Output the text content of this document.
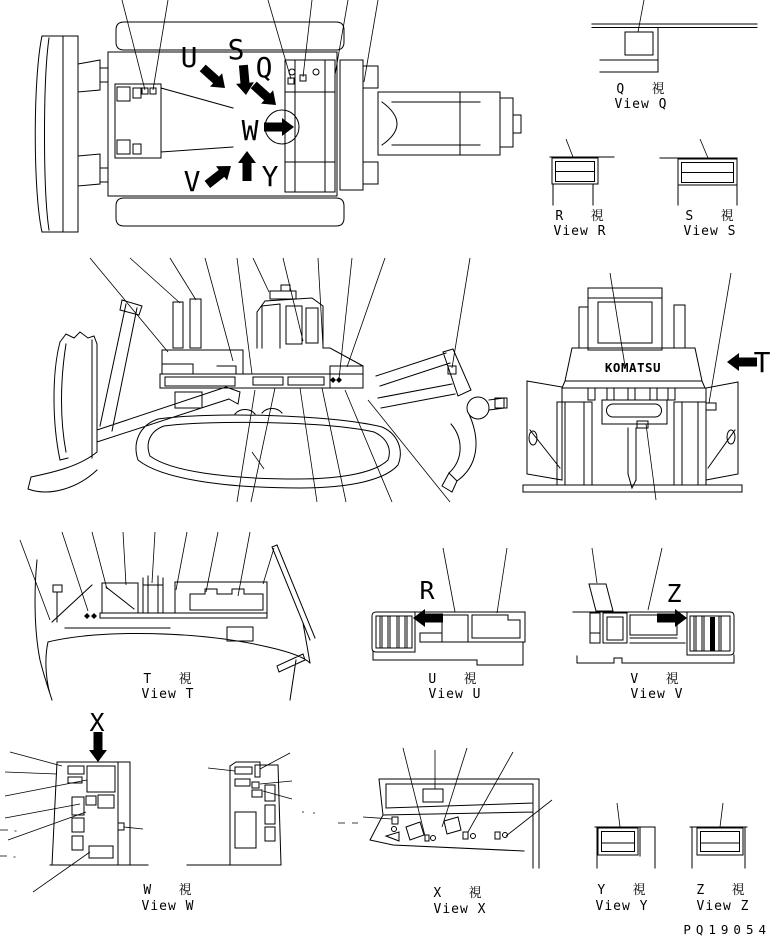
U S
Q
W
V Y
Q   視
View Q
R   視
View R
S   視
View S
KOMATSU	T
T   視
View T
R
U   視
View U
Z
V   視
View V
X
W   視
View W
X   視
View X
Y   視
View Y
Z   視
View Z
PQ19054
